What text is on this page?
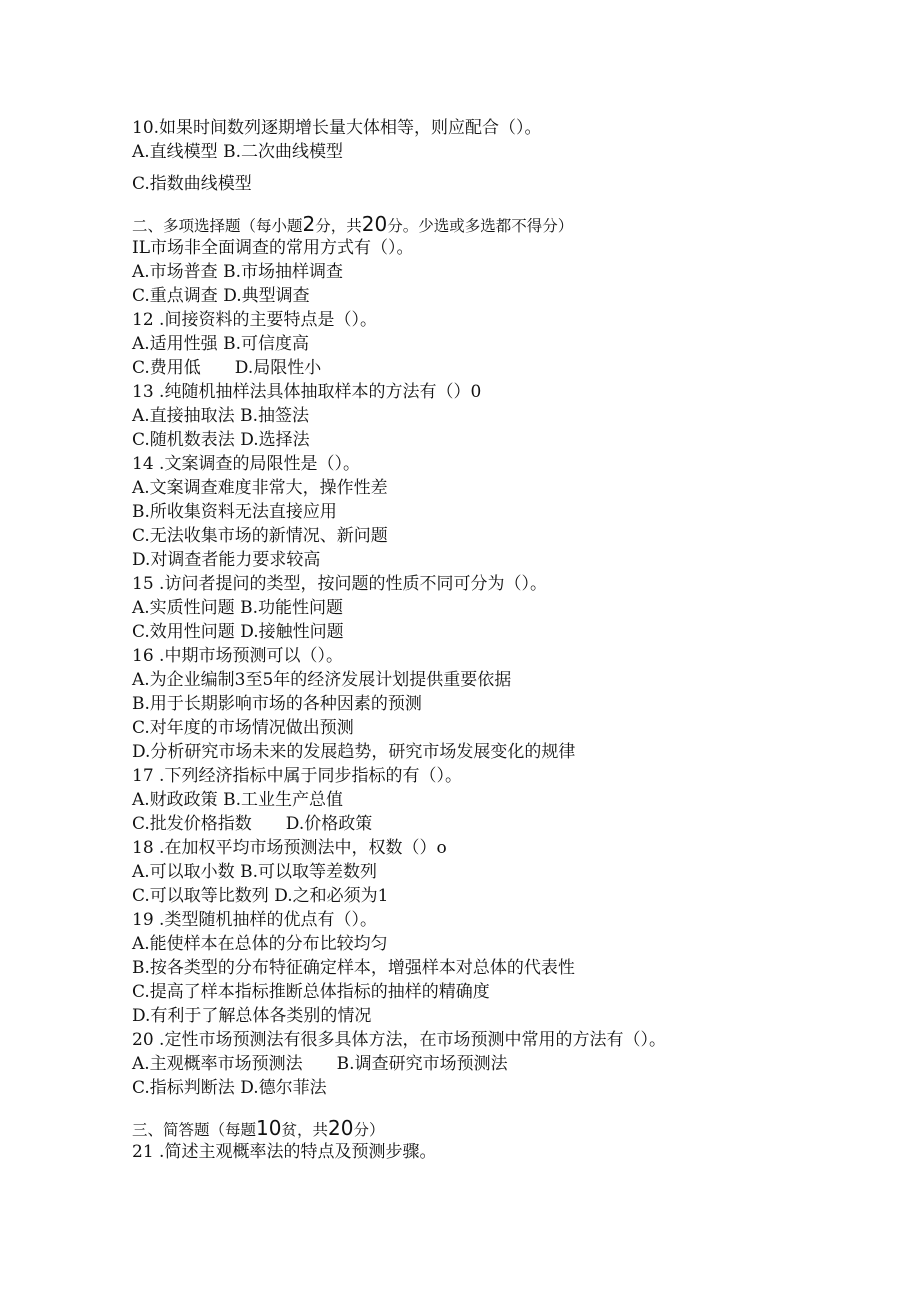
10.如果时间数列逐期增长量大体相等，则应配合（）。
A.直线模型 B.二次曲线模型
C.指数曲线模型
二、多项选择题（每小题2分，共20分。少选或多选都不得分）
IL市场非全面调查的常用方式有（）。
A.市场普查 B.市场抽样调查
C.重点调查 D.典型调查
12 .间接资料的主要特点是（）。
A.适用性强 B.可信度高
C.费用低　　D.局限性小
13 .纯随机抽样法具体抽取样本的方法有（）0
A.直接抽取法 B.抽签法
C.随机数表法 D.选择法
14 .文案调查的局限性是（）。
A.文案调查难度非常大，操作性差
B.所收集资料无法直接应用
C.无法收集市场的新情况、新问题
D.对调查者能力要求较高
15 .访问者提问的类型，按问题的性质不同可分为（）。
A.实质性问题 B.功能性问题
C.效用性问题 D.接触性问题
16 .中期市场预测可以（）。
A.为企业编制3至5年的经济发展计划提供重要依据
B.用于长期影响市场的各种因素的预测
C.对年度的市场情况做出预测
D.分析研究市场未来的发展趋势，研究市场发展变化的规律
17 .下列经济指标中属于同步指标的有（）。
A.财政政策 B.工业生产总值
C.批发价格指数　　D.价格政策
18 .在加权平均市场预测法中，权数（）o
A.可以取小数 B.可以取等差数列
C.可以取等比数列 D.之和必须为1
19 .类型随机抽样的优点有（）。
A.能使样本在总体的分布比较均匀
B.按各类型的分布特征确定样本，增强样本对总体的代表性
C.提高了样本指标推断总体指标的抽样的精确度
D.有利于了解总体各类别的情况
20 .定性市场预测法有很多具体方法，在市场预测中常用的方法有（）。
A.主观概率市场预测法　　B.调查研究市场预测法
C.指标判断法 D.德尔菲法
三、简答题（每题10贫，共20分）
21 .简述主观概率法的特点及预测步骤。
